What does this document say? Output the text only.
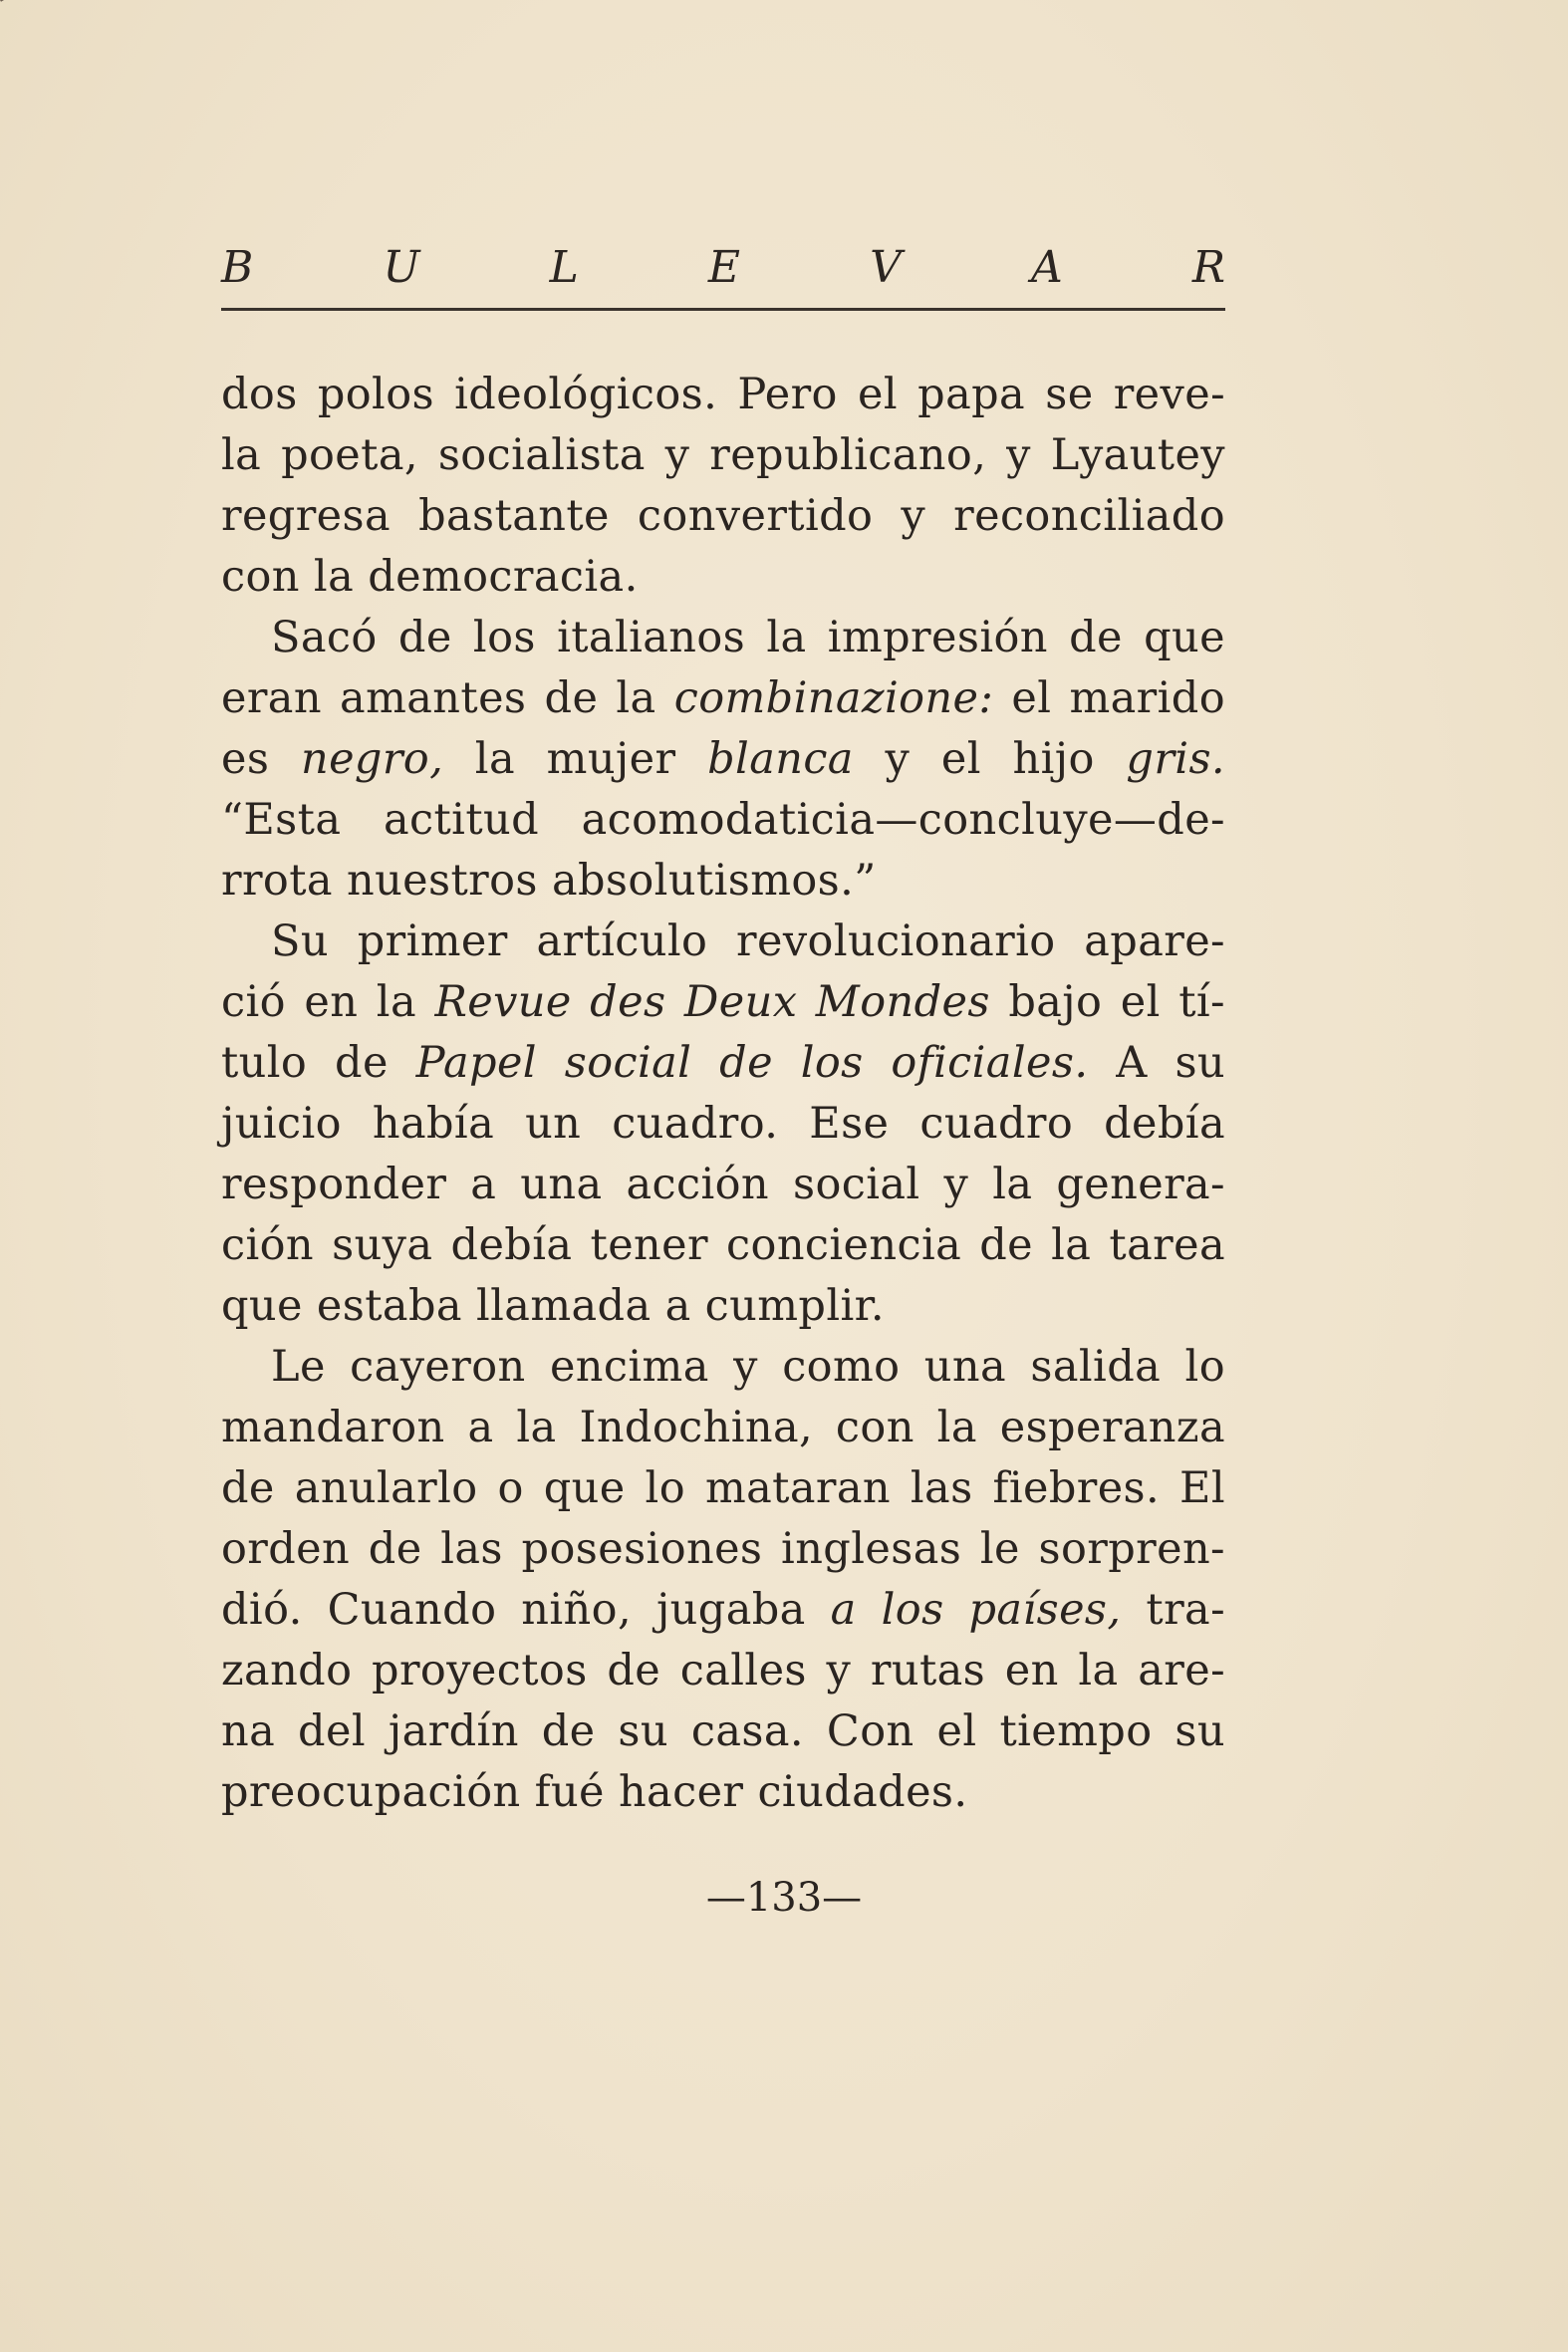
B	U	L	E	V	A	R
dos polos ideológicos. Pero el papa se reve-
la poeta, socialista y republicano, y Lyautey
regresa bastante convertido y reconciliado
con la democracia.
Sacó de los italianos la impresión de que
eran amantes de la combinazione: el marido
es negro, la mujer blanca y el hijo gris.
“Esta actitud acomodaticia—concluye—de-
rrota nuestros absolutismos.”
Su primer artículo revolucionario apare-
ció en la Revue des Deux Mondes bajo el tí-
tulo de Papel social de los oficiales. A su
juicio había un cuadro. Ese cuadro debía
responder a una acción social y la genera-
ción suya debía tener conciencia de la tarea
que estaba llamada a cumplir.
Le cayeron encima y como una salida lo
mandaron a la Indochina, con la esperanza
de anularlo o que lo mataran las fiebres. El
orden de las posesiones inglesas le sorpren-
dió. Cuando niño, jugaba a los países, tra-
zando proyectos de calles y rutas en la are-
na del jardín de su casa. Con el tiempo su
preocupación fué hacer ciudades.
—133—
